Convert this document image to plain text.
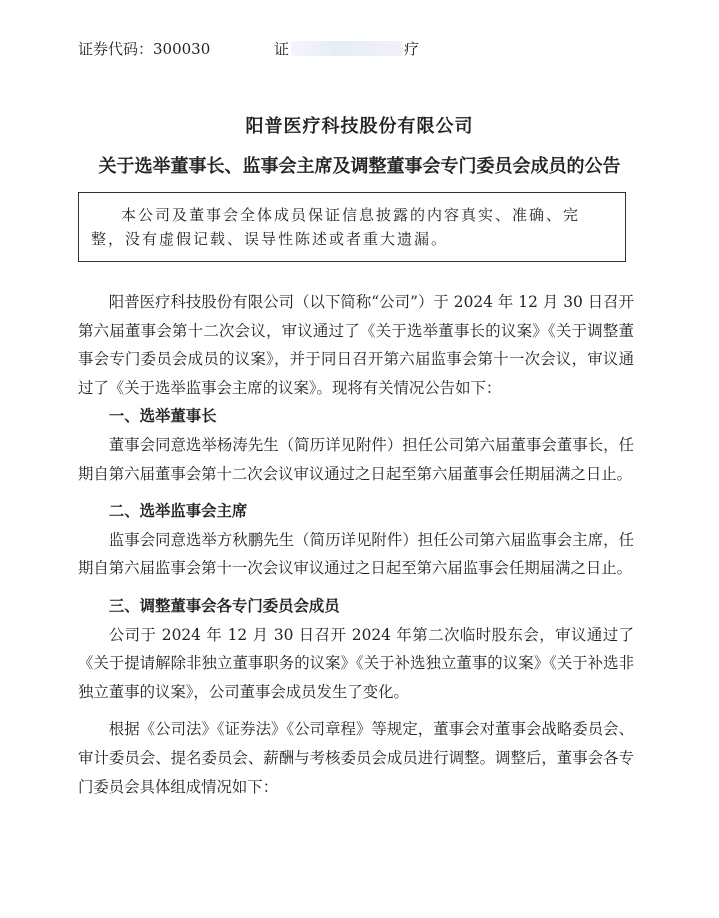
证券代码：300030	证	疗
阳普医疗科技股份有限公司
关于选举董事长、监事会主席及调整董事会专门委员会成员的公告
本公司及董事会全体成员保证信息披露的内容真实、准确、完整，没有虚假记载、误导性陈述或者重大遗漏。

阳普医疗科技股份有限公司（以下简称“公司”）于 2024 年 12 月 30 日召开第六届董事会第十二次会议，审议通过了《关于选举董事长的议案》《关于调整董事会专门委员会成员的议案》，并于同日召开第六届监事会第十一次会议，审议通过了《关于选举监事会主席的议案》。现将有关情况公告如下：

一、选举董事长

董事会同意选举杨涛先生（简历详见附件）担任公司第六届董事会董事长，任期自第六届董事会第十二次会议审议通过之日起至第六届董事会任期届满之日止。

二、选举监事会主席

监事会同意选举方秋鹏先生（简历详见附件）担任公司第六届监事会主席，任期自第六届监事会第十一次会议审议通过之日起至第六届监事会任期届满之日止。

三、调整董事会各专门委员会成员

公司于 2024 年 12 月 30 日召开 2024 年第二次临时股东会，审议通过了《关于提请解除非独立董事职务的议案》《关于补选独立董事的议案》《关于补选非独立董事的议案》，公司董事会成员发生了变化。

根据《公司法》《证券法》《公司章程》等规定，董事会对董事会战略委员会、审计委员会、提名委员会、薪酬与考核委员会成员进行调整。调整后，董事会各专门委员会具体组成情况如下：
